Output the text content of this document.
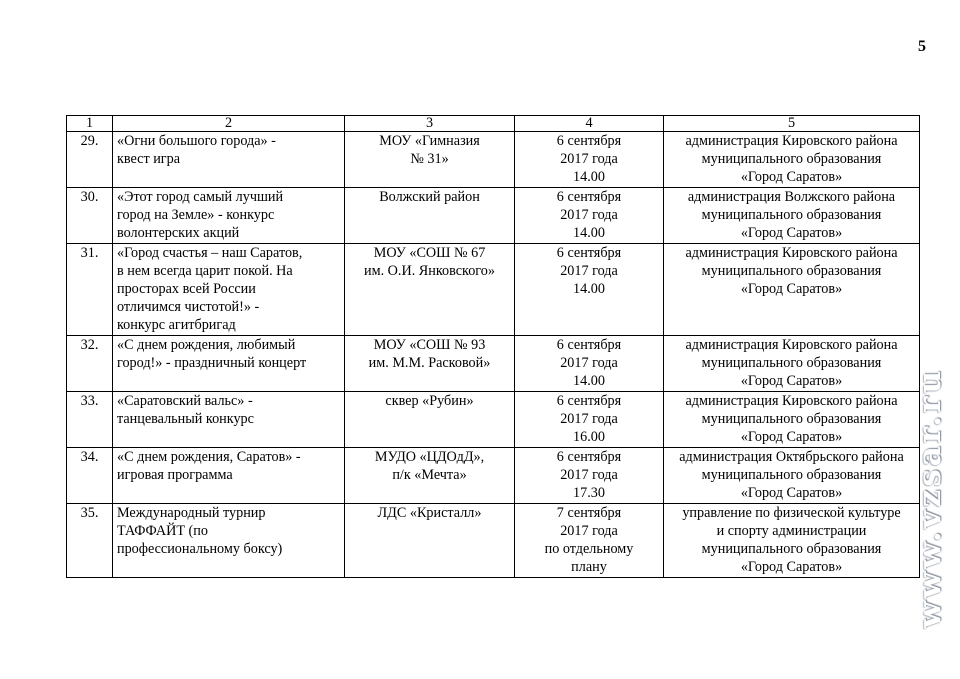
5
1	2	3	4	5
29.	«Огни большого города» -
квест игра	МОУ «Гимназия
№ 31»	6 сентября
2017 года
14.00	администрация Кировского района
муниципального образования
«Город Саратов»
30.	«Этот город самый лучший
город на Земле» - конкурс
волонтерских акций	Волжский район	6 сентября
2017 года
14.00	администрация Волжского района
муниципального образования
«Город Саратов»
31.	«Город счастья – наш Саратов,
в нем всегда царит покой. На
просторах всей России
отличимся чистотой!» -
конкурс агитбригад	МОУ «СОШ № 67
им. О.И. Янковского»	6 сентября
2017 года
14.00	администрация Кировского района
муниципального образования
«Город Саратов»
32.	«С днем рождения, любимый
город!» - праздничный концерт	МОУ «СОШ № 93
им. М.М. Расковой»	6 сентября
2017 года
14.00	администрация Кировского района
муниципального образования
«Город Саратов»
33.	«Саратовский вальс» -
танцевальный конкурс	сквер «Рубин»	6 сентября
2017 года
16.00	администрация Кировского района
муниципального образования
«Город Саратов»
34.	«С днем рождения, Саратов» -
игровая программа	МУДО «ЦДОдД»,
п/к «Мечта»	6 сентября
2017 года
17.30	администрация Октябрьского района
муниципального образования
«Город Саратов»
35.	Международный турнир
ТАФФАЙТ (по
профессиональному боксу)	ЛДС «Кристалл»	7 сентября
2017 года
по отдельному
плану	управление по физической культуре
и спорту администрации
муниципального образования
«Город Саратов» www.vzsar.ru
